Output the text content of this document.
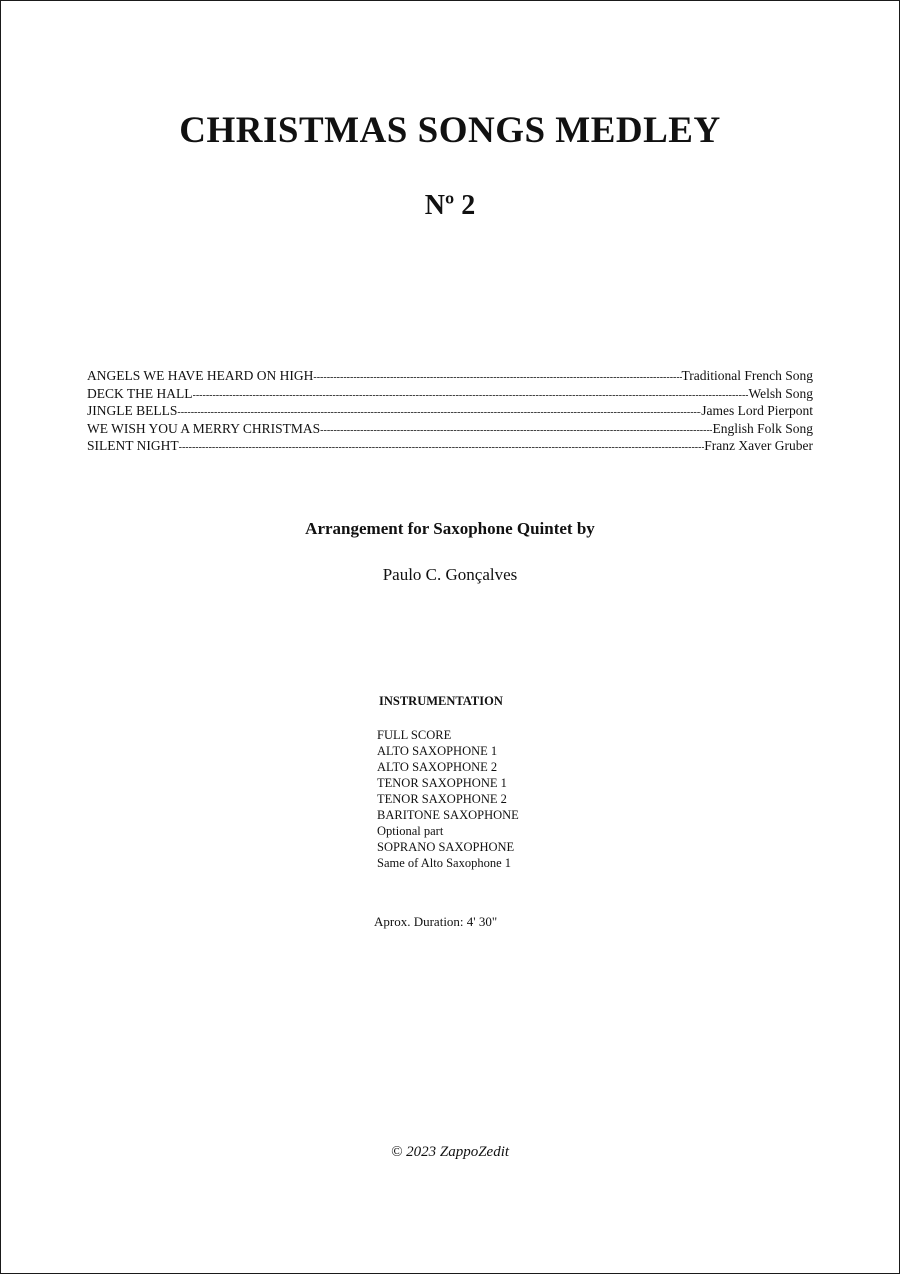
CHRISTMAS SONGS MEDLEY
Nº 2
ANGELS WE HAVE HEARD ON HIGH -----	Traditional French Song
DECK THE HALL -----	Welsh Song
JINGLE BELLS -----	James Lord Pierpont
WE WISH YOU A MERRY CHRISTMAS -----	English Folk Song
SILENT NIGHT -----	Franz Xaver Gruber
Arrangement for Saxophone Quintet by
Paulo C. Gonçalves
INSTRUMENTATION
FULL SCORE
ALTO SAXOPHONE 1
ALTO SAXOPHONE 2
TENOR SAXOPHONE 1
TENOR SAXOPHONE 2
BARITONE SAXOPHONE
Optional part
SOPRANO SAXOPHONE
Same of Alto Saxophone 1
Aprox. Duration: 4' 30"
© 2023 ZappoZedit
